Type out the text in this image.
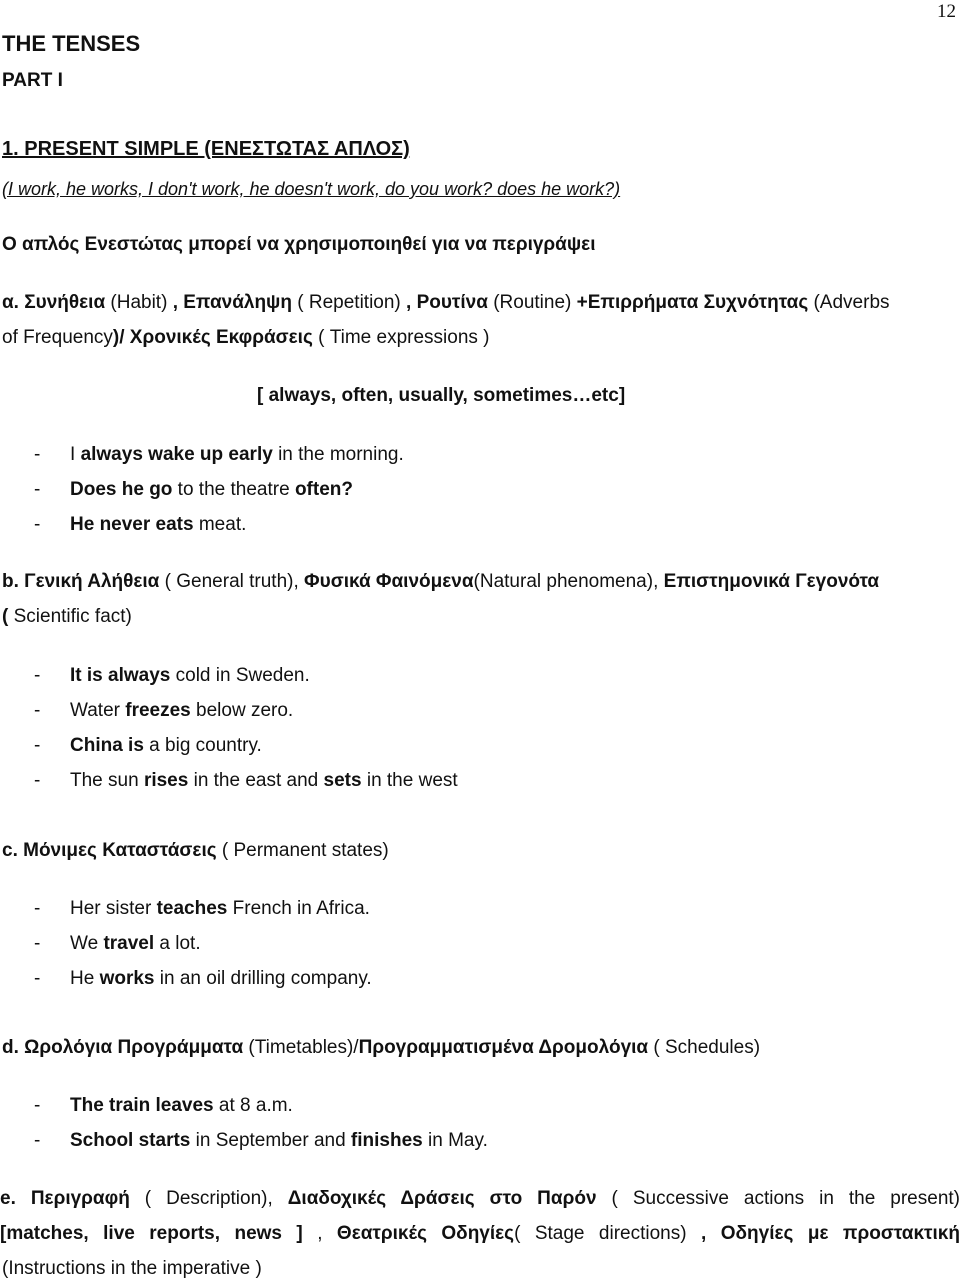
12
THE TENSES
PART I
1. PRESENT SIMPLE (ΕΝΕΣΤΩΤΑΣ ΑΠΛΟΣ)
(I work, he works, I don't work, he doesn't work, do you work? does he work?)
Ο απλός Ενεστώτας μπορεί να χρησιμοποιηθεί για να περιγράψει
α. Συνήθεια (Habit) , Επανάληψη ( Repetition) , Ρουτίνα (Routine) +Επιρρήματα Συχνότητας (Adverbs
of Frequency)/ Χρονικές Εκφράσεις ( Time expressions )
[ always, often, usually, sometimes…etc]
- I always wake up early in the morning.
- Does he go to the theatre often?
- He never eats meat.
b. Γενική Αλήθεια ( General truth), Φυσικά Φαινόμενα(Natural phenomena), Επιστημονικά Γεγονότα
( Scientific fact)
- It is always cold in Sweden.
- Water freezes below zero.
- China is a big country.
- The sun rises in the east and sets in the west
c. Μόνιμες Καταστάσεις ( Permanent states)
- Her sister teaches French in Africa.
- We travel a lot.
- He works in an oil drilling company.
d. Ωρολόγια Προγράμματα (Timetables)/Προγραμματισμένα Δρομολόγια ( Schedules)
- The train leaves at 8 a.m.
- School starts in September and finishes in May.
e. Περιγραφή ( Description), Διαδοχικές Δράσεις στο Παρόν ( Successive actions in the present)
[matches, live reports, news ] , Θεατρικές Οδηγίες( Stage directions) , Οδηγίες με προστακτική
(Instructions in the imperative )
